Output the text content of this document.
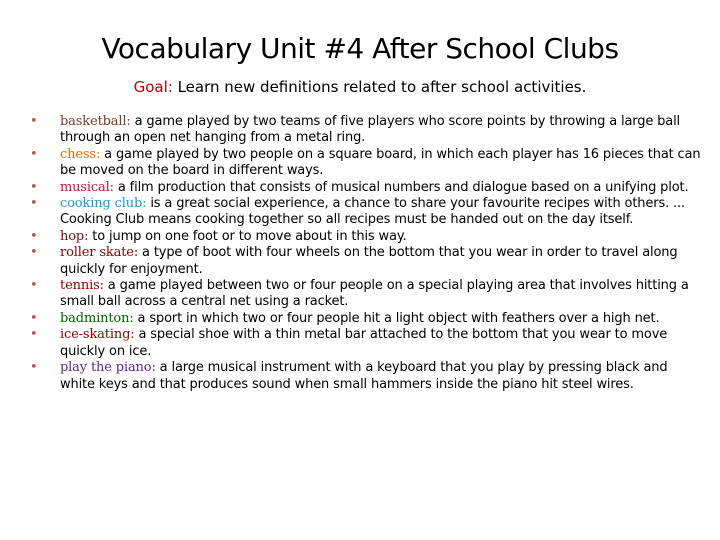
Vocabulary Unit #4 After School Clubs
Goal: Learn new definitions related to after school activities.
•	basketball: a game played by two teams of five players who score points by throwing a large ball through an open net hanging from a metal ring.
•	chess: a game played by two people on a square board, in which each player has 16 pieces that can be moved on the board in different ways.
•	musical: a film production that consists of musical numbers and dialogue based on a unifying plot.
•	cooking club: is a great social experience, a chance to share your favourite recipes with others. ... Cooking Club means cooking together so all recipes must be handed out on the day itself.
•	hop: to jump on one foot or to move about in this way.
•	roller skate: a type of boot with four wheels on the bottom that you wear in order to travel along quickly for enjoyment.
•	tennis: a game played between two or four people on a special playing area that involves hitting a small ball across a central net using a racket.
•	badminton: a sport in which two or four people hit a light object with feathers over a high net.
•	ice-skating: a special shoe with a thin metal bar attached to the bottom that you wear to move quickly on ice.
•	play the piano: a large musical instrument with a keyboard that you play by pressing black and white keys and that produces sound when small hammers inside the piano hit steel wires.
